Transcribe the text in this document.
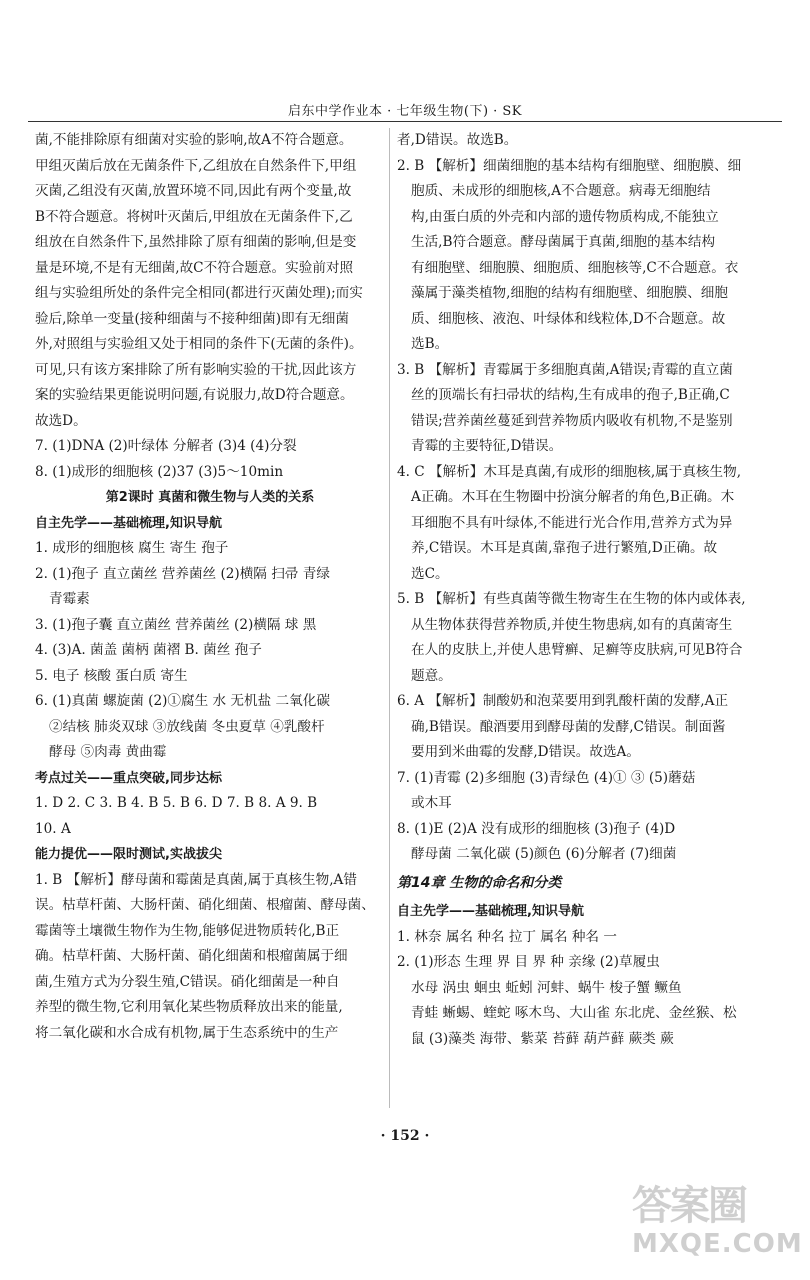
启东中学作业本 · 七年级生物(下) · SK
菌,不能排除原有细菌对实验的影响,故A不符合题意。
甲组灭菌后放在无菌条件下,乙组放在自然条件下,甲组
灭菌,乙组没有灭菌,放置环境不同,因此有两个变量,故
B不符合题意。将树叶灭菌后,甲组放在无菌条件下,乙
组放在自然条件下,虽然排除了原有细菌的影响,但是变
量是环境,不是有无细菌,故C不符合题意。实验前对照
组与实验组所处的条件完全相同(都进行灭菌处理);而实
验后,除单一变量(接种细菌与不接种细菌)即有无细菌
外,对照组与实验组又处于相同的条件下(无菌的条件)。
可见,只有该方案排除了所有影响实验的干扰,因此该方
案的实验结果更能说明问题,有说服力,故D符合题意。
故选D。
7. (1)DNA (2)叶绿体 分解者 (3)4 (4)分裂
8. (1)成形的细胞核 (2)37 (3)5～10min
第2课时 真菌和微生物与人类的关系
自主先学——基础梳理,知识导航
1. 成形的细胞核 腐生 寄生 孢子
2. (1)孢子 直立菌丝 营养菌丝 (2)横隔 扫帚 青绿
青霉素
3. (1)孢子囊 直立菌丝 营养菌丝 (2)横隔 球 黑
4. (3)A. 菌盖 菌柄 菌褶 B. 菌丝 孢子
5. 电子 核酸 蛋白质 寄生
6. (1)真菌 螺旋菌 (2)①腐生 水 无机盐 二氧化碳
②结核 肺炎双球 ③放线菌 冬虫夏草 ④乳酸杆
酵母 ⑤肉毒 黄曲霉
考点过关——重点突破,同步达标
1. D 2. C 3. B 4. B 5. B 6. D 7. B 8. A 9. B
10. A
能力提优——限时测试,实战拔尖
1. B 【解析】酵母菌和霉菌是真菌,属于真核生物,A错
误。枯草杆菌、大肠杆菌、硝化细菌、根瘤菌、酵母菌、
霉菌等土壤微生物作为生物,能够促进物质转化,B正
确。枯草杆菌、大肠杆菌、硝化细菌和根瘤菌属于细
菌,生殖方式为分裂生殖,C错误。硝化细菌是一种自
养型的微生物,它利用氧化某些物质释放出来的能量,
将二氧化碳和水合成有机物,属于生态系统中的生产
者,D错误。故选B。
2. B 【解析】细菌细胞的基本结构有细胞壁、细胞膜、细
胞质、未成形的细胞核,A不合题意。病毒无细胞结
构,由蛋白质的外壳和内部的遗传物质构成,不能独立
生活,B符合题意。酵母菌属于真菌,细胞的基本结构
有细胞壁、细胞膜、细胞质、细胞核等,C不合题意。衣
藻属于藻类植物,细胞的结构有细胞壁、细胞膜、细胞
质、细胞核、液泡、叶绿体和线粒体,D不合题意。故
选B。
3. B 【解析】青霉属于多细胞真菌,A错误;青霉的直立菌
丝的顶端长有扫帚状的结构,生有成串的孢子,B正确,C
错误;营养菌丝蔓延到营养物质内吸收有机物,不是鉴别
青霉的主要特征,D错误。
4. C 【解析】木耳是真菌,有成形的细胞核,属于真核生物,
A正确。木耳在生物圈中扮演分解者的角色,B正确。木
耳细胞不具有叶绿体,不能进行光合作用,营养方式为异
养,C错误。木耳是真菌,靠孢子进行繁殖,D正确。故
选C。
5. B 【解析】有些真菌等微生物寄生在生物的体内或体表,
从生物体获得营养物质,并使生物患病,如有的真菌寄生
在人的皮肤上,并使人患臂癣、足癣等皮肤病,可见B符合
题意。
6. A 【解析】制酸奶和泡菜要用到乳酸杆菌的发酵,A正
确,B错误。酿酒要用到酵母菌的发酵,C错误。制面酱
要用到米曲霉的发酵,D错误。故选A。
7. (1)青霉 (2)多细胞 (3)青绿色 (4)① ③ (5)蘑菇
或木耳
8. (1)E (2)A 没有成形的细胞核 (3)孢子 (4)D
酵母菌 二氧化碳 (5)颜色 (6)分解者 (7)细菌
第14章 生物的命名和分类
自主先学——基础梳理,知识导航
1. 林奈 属名 种名 拉丁 属名 种名 一
2. (1)形态 生理 界 目 界 种 亲缘 (2)草履虫
水母 涡虫 蛔虫 蚯蚓 河蚌、蜗牛 梭子蟹 鳜鱼
青蛙 蜥蜴、蝰蛇 啄木鸟、大山雀 东北虎、金丝猴、松
鼠 (3)藻类 海带、紫菜 苔藓 葫芦藓 蕨类 蕨
· 152 ·
答案圈
MXQE.COM
